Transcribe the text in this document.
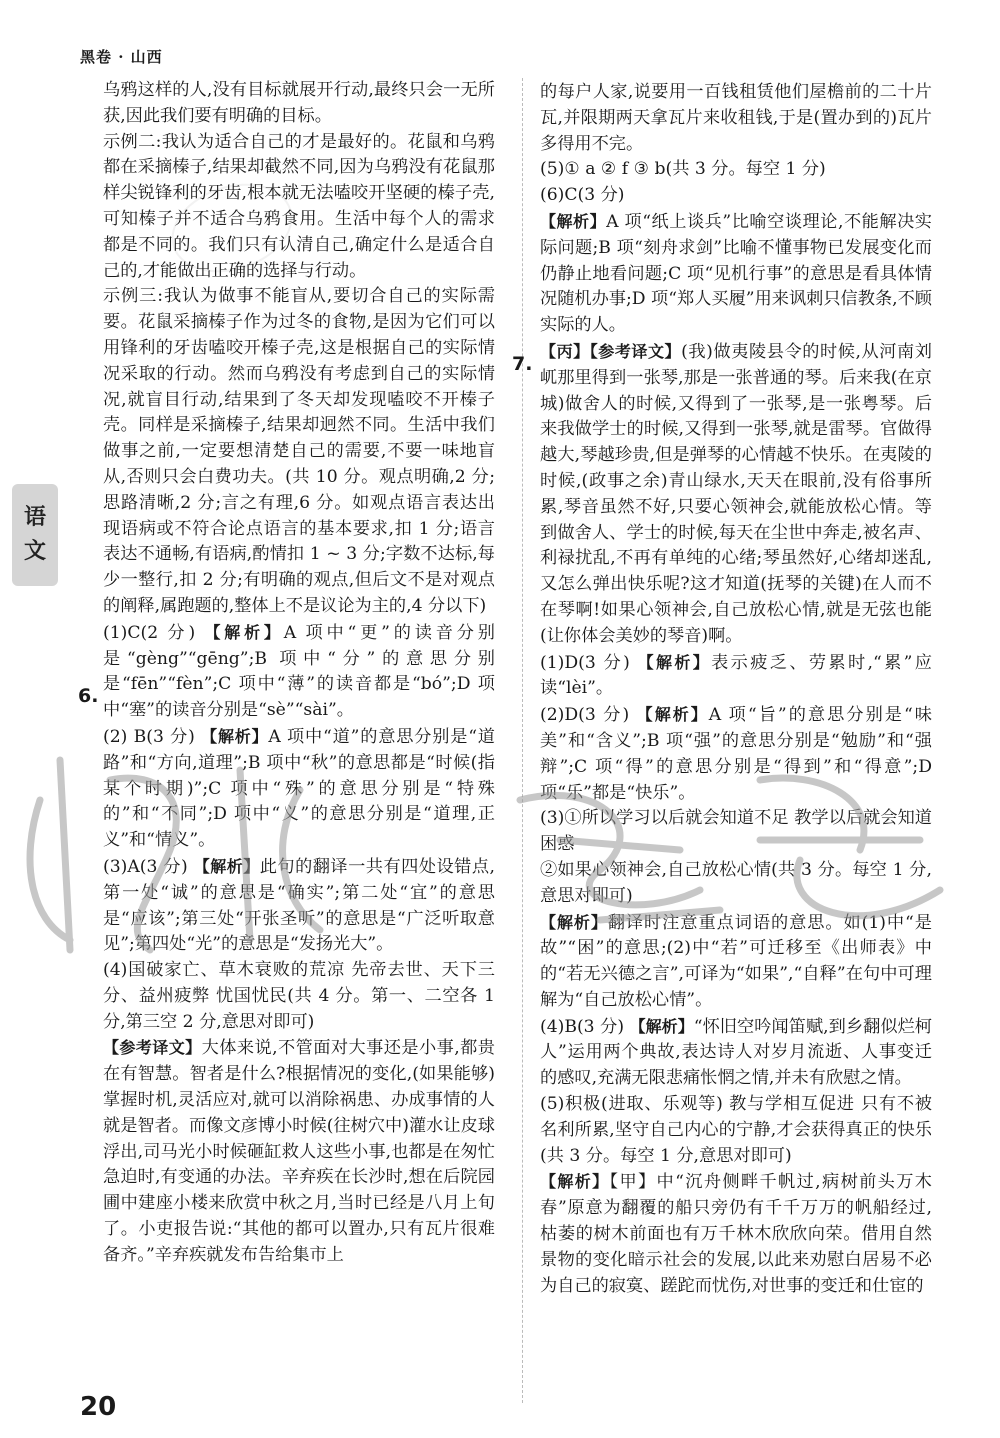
黑卷 · 山西
语
文

乌鸦这样的人,没有目标就展开行动,最终只会一无所获,因此我们要有明确的目标。

示例二:我认为适合自己的才是最好的。花鼠和乌鸦都在采摘榛子,结果却截然不同,因为乌鸦没有花鼠那样尖锐锋利的牙齿,根本就无法嗑咬开坚硬的榛子壳,可知榛子并不适合乌鸦食用。生活中每个人的需求都是不同的。我们只有认清自己,确定什么是适合自己的,才能做出正确的选择与行动。

示例三:我认为做事不能盲从,要切合自己的实际需要。花鼠采摘榛子作为过冬的食物,是因为它们可以用锋利的牙齿嗑咬开榛子壳,这是根据自己的实际情况采取的行动。然而乌鸦没有考虑到自己的实际情况,就盲目行动,结果到了冬天却发现嗑咬不开榛子壳。同样是采摘榛子,结果却迥然不同。生活中我们做事之前,一定要想清楚自己的需要,不要一味地盲从,否则只会白费功夫。(共 10 分。观点明确,2 分;思路清晰,2 分;言之有理,6 分。如观点语言表达出现语病或不符合论点语言的基本要求,扣 1 分;语言表达不通畅,有语病,酌情扣 1 ~ 3 分;字数不达标,每少一整行,扣 2 分;有明确的观点,但后文不是对观点的阐释,属跑题的,整体上不是议论为主的,4 分以下)

(1)C(2 分) 【解析】A 项中“更”的读音分别是“gèng”“gēng”;B 项中“分”的意思分别是“fēn”“fèn”;C 项中“薄”的读音都是“bó”;D 项中“塞”的读音分别是“sè”“sài”。

(2) B(3 分) 【解析】A 项中“道”的意思分别是“道路”和“方向,道理”;B 项中“秋”的意思都是“时候(指某个时期)”;C 项中“殊”的意思分别是“特殊的”和“不同”;D 项中“义”的意思分别是“道理,正义”和“情义”。

(3)A(3 分) 【解析】此句的翻译一共有四处设错点,第一处“诚”的意思是“确实”;第二处“宜”的意思是“应该”;第三处“开张圣听”的意思是“广泛听取意见”;第四处“光”的意思是“发扬光大”。

(4)国破家亡、草木衰败的荒凉 先帝去世、天下三分、益州疲弊 忧国忧民(共 4 分。第一、二空各 1 分,第三空 2 分,意思对即可)

【参考译文】大体来说,不管面对大事还是小事,都贵在有智慧。智者是什么?根据情况的变化,(如果能够)掌握时机,灵活应对,就可以消除祸患、办成事情的人就是智者。而像文彦博小时候(往树穴中)灌水让皮球浮出,司马光小时候砸缸救人这些小事,也都是在匆忙急迫时,有变通的办法。辛弃疾在长沙时,想在后院园圃中建座小楼来欣赏中秋之月,当时已经是八月上旬了。小吏报告说:“其他的都可以置办,只有瓦片很难备齐。”辛弃疾就发布告给集市上

6.

的每户人家,说要用一百钱租赁他们屋檐前的二十片瓦,并限期两天拿瓦片来收租钱,于是(置办到的)瓦片多得用不完。

(5)① a ② f ③ b(共 3 分。每空 1 分)

(6)C(3 分)

【解析】A 项“纸上谈兵”比喻空谈理论,不能解决实际问题;B 项“刻舟求剑”比喻不懂事物已发展变化而仍静止地看问题;C 项“见机行事”的意思是看具体情况随机办事;D 项“郑人买履”用来讽刺只信教条,不顾实际的人。

【丙】【参考译文】(我)做夷陵县令的时候,从河南刘屼那里得到一张琴,那是一张普通的琴。后来我(在京城)做舍人的时候,又得到了一张琴,是一张粤琴。后来我做学士的时候,又得到一张琴,就是雷琴。官做得越大,琴越珍贵,但是弹琴的心情越不快乐。在夷陵的时候,(政事之余)青山绿水,天天在眼前,没有俗事所累,琴音虽然不好,只要心领神会,就能放松心情。等到做舍人、学士的时候,每天在尘世中奔走,被名声、利禄扰乱,不再有单纯的心绪;琴虽然好,心绪却迷乱,又怎么弹出快乐呢?这才知道(抚琴的关键)在人而不在琴啊!如果心领神会,自己放松心情,就是无弦也能(让你体会美妙的琴音)啊。

(1)D(3 分) 【解析】表示疲乏、劳累时,“累”应读“lèi”。

(2)D(3 分) 【解析】A 项“旨”的意思分别是“味美”和“含义”;B 项“强”的意思分别是“勉励”和“强辩”;C 项“得”的意思分别是“得到”和“得意”;D 项“乐”都是“快乐”。

(3)①所以学习以后就会知道不足 教学以后就会知道困惑

②如果心领神会,自己放松心情(共 3 分。每空 1 分,意思对即可)

【解析】翻译时注意重点词语的意思。如(1)中“是故”“困”的意思;(2)中“若”可迁移至《出师表》中的“若无兴德之言”,可译为“如果”,“自释”在句中可理解为“自己放松心情”。

(4)B(3 分) 【解析】“怀旧空吟闻笛赋,到乡翻似烂柯人”运用两个典故,表达诗人对岁月流逝、人事变迁的感叹,充满无限悲痛怅惘之情,并未有欣慰之情。

(5)积极(进取、乐观等) 教与学相互促进 只有不被名利所累,坚守自己内心的宁静,才会获得真正的快乐(共 3 分。每空 1 分,意思对即可)

【解析】【甲】中“沉舟侧畔千帆过,病树前头万木春”原意为翻覆的船只旁仍有千千万万的帆船经过,枯萎的树木前面也有万千林木欣欣向荣。借用自然景物的变化暗示社会的发展,以此来劝慰白居易不必为自己的寂寞、蹉跎而忧伤,对世事的变迁和仕宦的

7.
20
